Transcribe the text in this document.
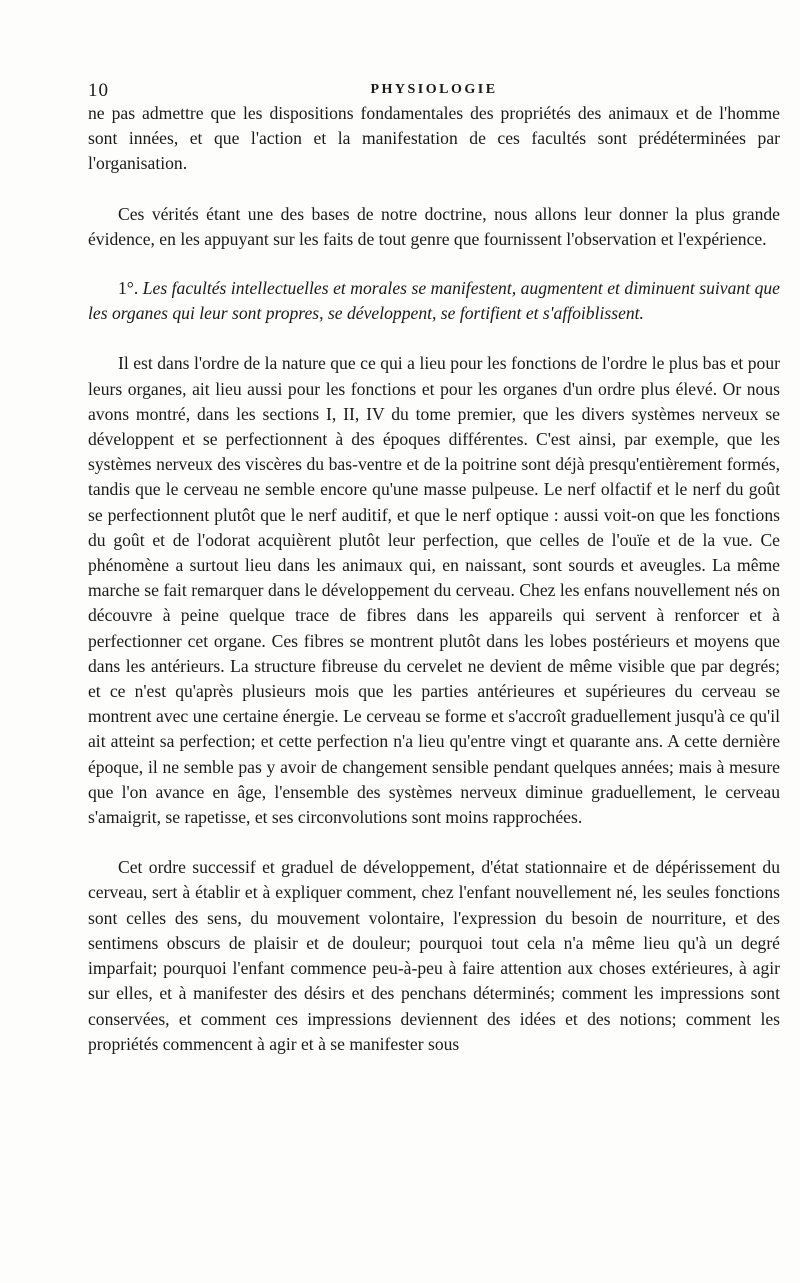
10	PHYSIOLOGIE

ne pas admettre que les dispositions fondamentales des propriétés des animaux et de l'homme sont innées, et que l'action et la manifestation de ces facultés sont prédéterminées par l'organisation.

Ces vérités étant une des bases de notre doctrine, nous allons leur donner la plus grande évidence, en les appuyant sur les faits de tout genre que fournissent l'observation et l'expérience.

1°. Les facultés intellectuelles et morales se manifestent, augmentent et diminuent suivant que les organes qui leur sont propres, se développent, se fortifient et s'affoiblissent.

Il est dans l'ordre de la nature que ce qui a lieu pour les fonctions de l'ordre le plus bas et pour leurs organes, ait lieu aussi pour les fonctions et pour les organes d'un ordre plus élevé. Or nous avons montré, dans les sections I, II, IV du tome premier, que les divers systèmes nerveux se développent et se perfectionnent à des époques différentes. C'est ainsi, par exemple, que les systèmes nerveux des viscères du bas-ventre et de la poitrine sont déjà presqu'entièrement formés, tandis que le cerveau ne semble encore qu'une masse pulpeuse. Le nerf olfactif et le nerf du goût se perfectionnent plutôt que le nerf auditif, et que le nerf optique : aussi voit-on que les fonctions du goût et de l'odorat acquièrent plutôt leur perfection, que celles de l'ouïe et de la vue. Ce phénomène a surtout lieu dans les animaux qui, en naissant, sont sourds et aveugles. La même marche se fait remarquer dans le développement du cerveau. Chez les enfans nouvellement nés on découvre à peine quelque trace de fibres dans les appareils qui servent à renforcer et à perfectionner cet organe. Ces fibres se montrent plutôt dans les lobes postérieurs et moyens que dans les antérieurs. La structure fibreuse du cervelet ne devient de même visible que par degrés; et ce n'est qu'après plusieurs mois que les parties antérieures et supérieures du cerveau se montrent avec une certaine énergie. Le cerveau se forme et s'accroît graduellement jusqu'à ce qu'il ait atteint sa perfection; et cette perfection n'a lieu qu'entre vingt et quarante ans. A cette dernière époque, il ne semble pas y avoir de changement sensible pendant quelques années; mais à mesure que l'on avance en âge, l'ensemble des systèmes nerveux diminue graduellement, le cerveau s'amaigrit, se rapetisse, et ses circonvolutions sont moins rapprochées.

Cet ordre successif et graduel de développement, d'état stationnaire et de dépérissement du cerveau, sert à établir et à expliquer comment, chez l'enfant nouvellement né, les seules fonctions sont celles des sens, du mouvement volontaire, l'expression du besoin de nourriture, et des sentimens obscurs de plaisir et de douleur; pourquoi tout cela n'a même lieu qu'à un degré imparfait; pourquoi l'enfant commence peu-à-peu à faire attention aux choses extérieures, à agir sur elles, et à manifester des désirs et des penchans déterminés; comment les impressions sont conservées, et comment ces impressions deviennent des idées et des notions; comment les propriétés commencent à agir et à se manifester sous
